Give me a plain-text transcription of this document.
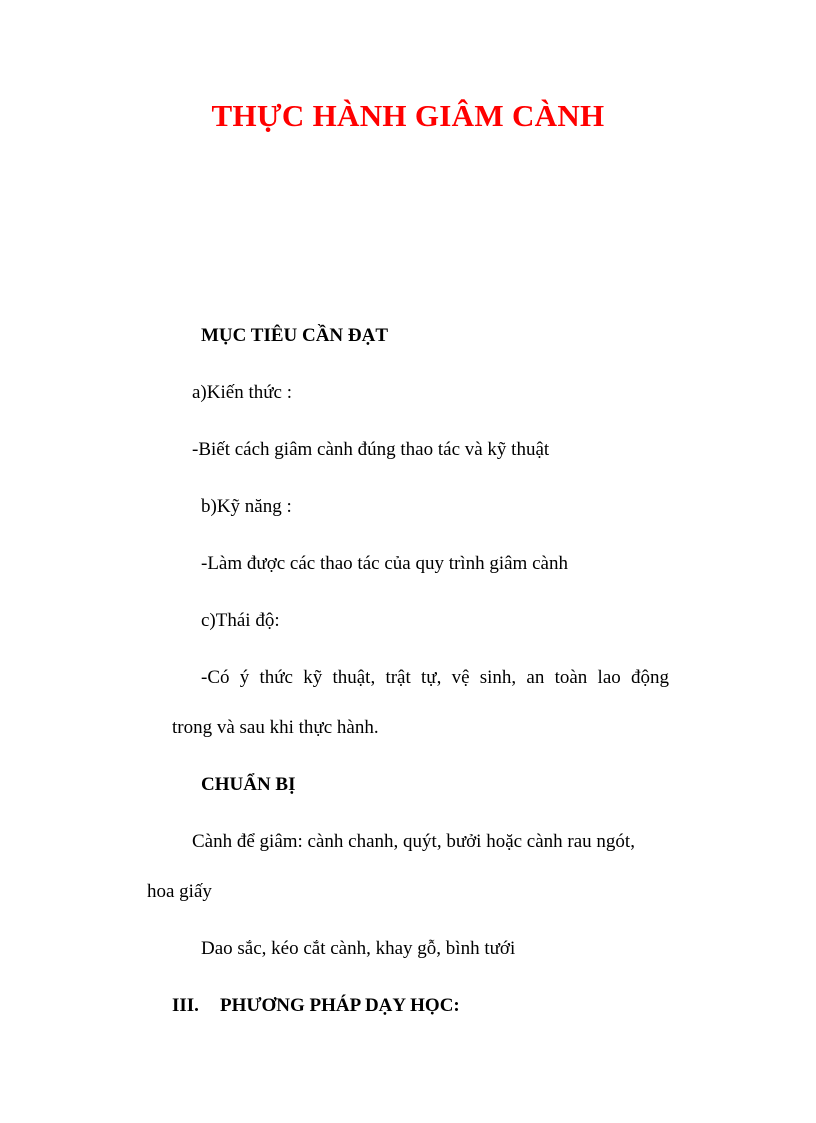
THỰC HÀNH GIÂM CÀNH
MỤC TIÊU CẦN ĐẠT
a)Kiến thức :
-Biết cách giâm cành đúng thao tác và kỹ thuật
b)Kỹ năng :
-Làm được các thao tác của quy trình giâm cành
c)Thái độ:
-Có ý thức kỹ thuật, trật tự, vệ sinh, an toàn lao động
trong và sau khi thực hành.
CHUẨN BỊ
Cành để giâm: cành chanh, quýt, bưởi hoặc cành rau ngót,
hoa giấy
Dao sắc, kéo cắt cành, khay gỗ, bình tưới
III. PHƯƠNG PHÁP DẠY HỌC:
